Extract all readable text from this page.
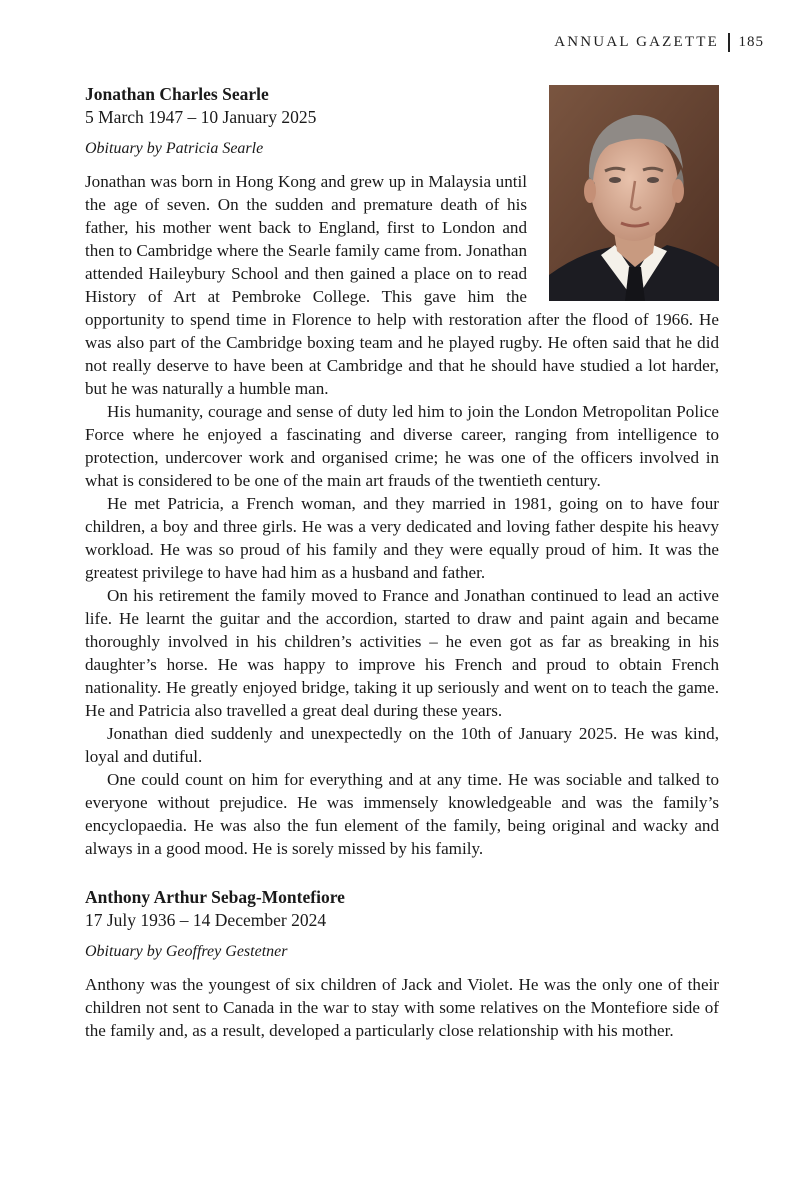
ANNUAL GAZETTE 185

Jonathan Charles Searle

5 March 1947 – 10 January 2025

Obituary by Patricia Searle

Jonathan was born in Hong Kong and grew up in Malaysia until the age of seven. On the sudden and premature death of his father, his mother went back to England, first to London and then to Cambridge where the Searle family came from. Jonathan attended Haileybury School and then gained a place on to read History of Art at Pembroke College. This gave him the opportunity to spend time in Florence to help with restoration after the flood of 1966. He was also part of the Cambridge boxing team and he played rugby. He often said that he did not really deserve to have been at Cambridge and that he should have studied a lot harder, but he was naturally a humble man.

His humanity, courage and sense of duty led him to join the London Metropolitan Police Force where he enjoyed a fascinating and diverse career, ranging from intelligence to protection, undercover work and organised crime; he was one of the officers involved in what is considered to be one of the main art frauds of the twentieth century.

He met Patricia, a French woman, and they married in 1981, going on to have four children, a boy and three girls. He was a very dedicated and loving father despite his heavy workload. He was so proud of his family and they were equally proud of him. It was the greatest privilege to have had him as a husband and father.

On his retirement the family moved to France and Jonathan continued to lead an active life. He learnt the guitar and the accordion, started to draw and paint again and became thoroughly involved in his children’s activities – he even got as far as breaking in his daughter’s horse. He was happy to improve his French and proud to obtain French nationality. He greatly enjoyed bridge, taking it up seriously and went on to teach the game. He and Patricia also travelled a great deal during these years.

Jonathan died suddenly and unexpectedly on the 10th of January 2025. He was kind, loyal and dutiful.

One could count on him for everything and at any time. He was sociable and talked to everyone without prejudice. He was immensely knowledgeable and was the family’s encyclopaedia. He was also the fun element of the family, being original and wacky and always in a good mood. He is sorely missed by his family.

Anthony Arthur Sebag-Montefiore

17 July 1936 – 14 December 2024

Obituary by Geoffrey Gestetner

Anthony was the youngest of six children of Jack and Violet. He was the only one of their children not sent to Canada in the war to stay with some relatives on the Montefiore side of the family and, as a result, developed a particularly close relationship with his mother.
